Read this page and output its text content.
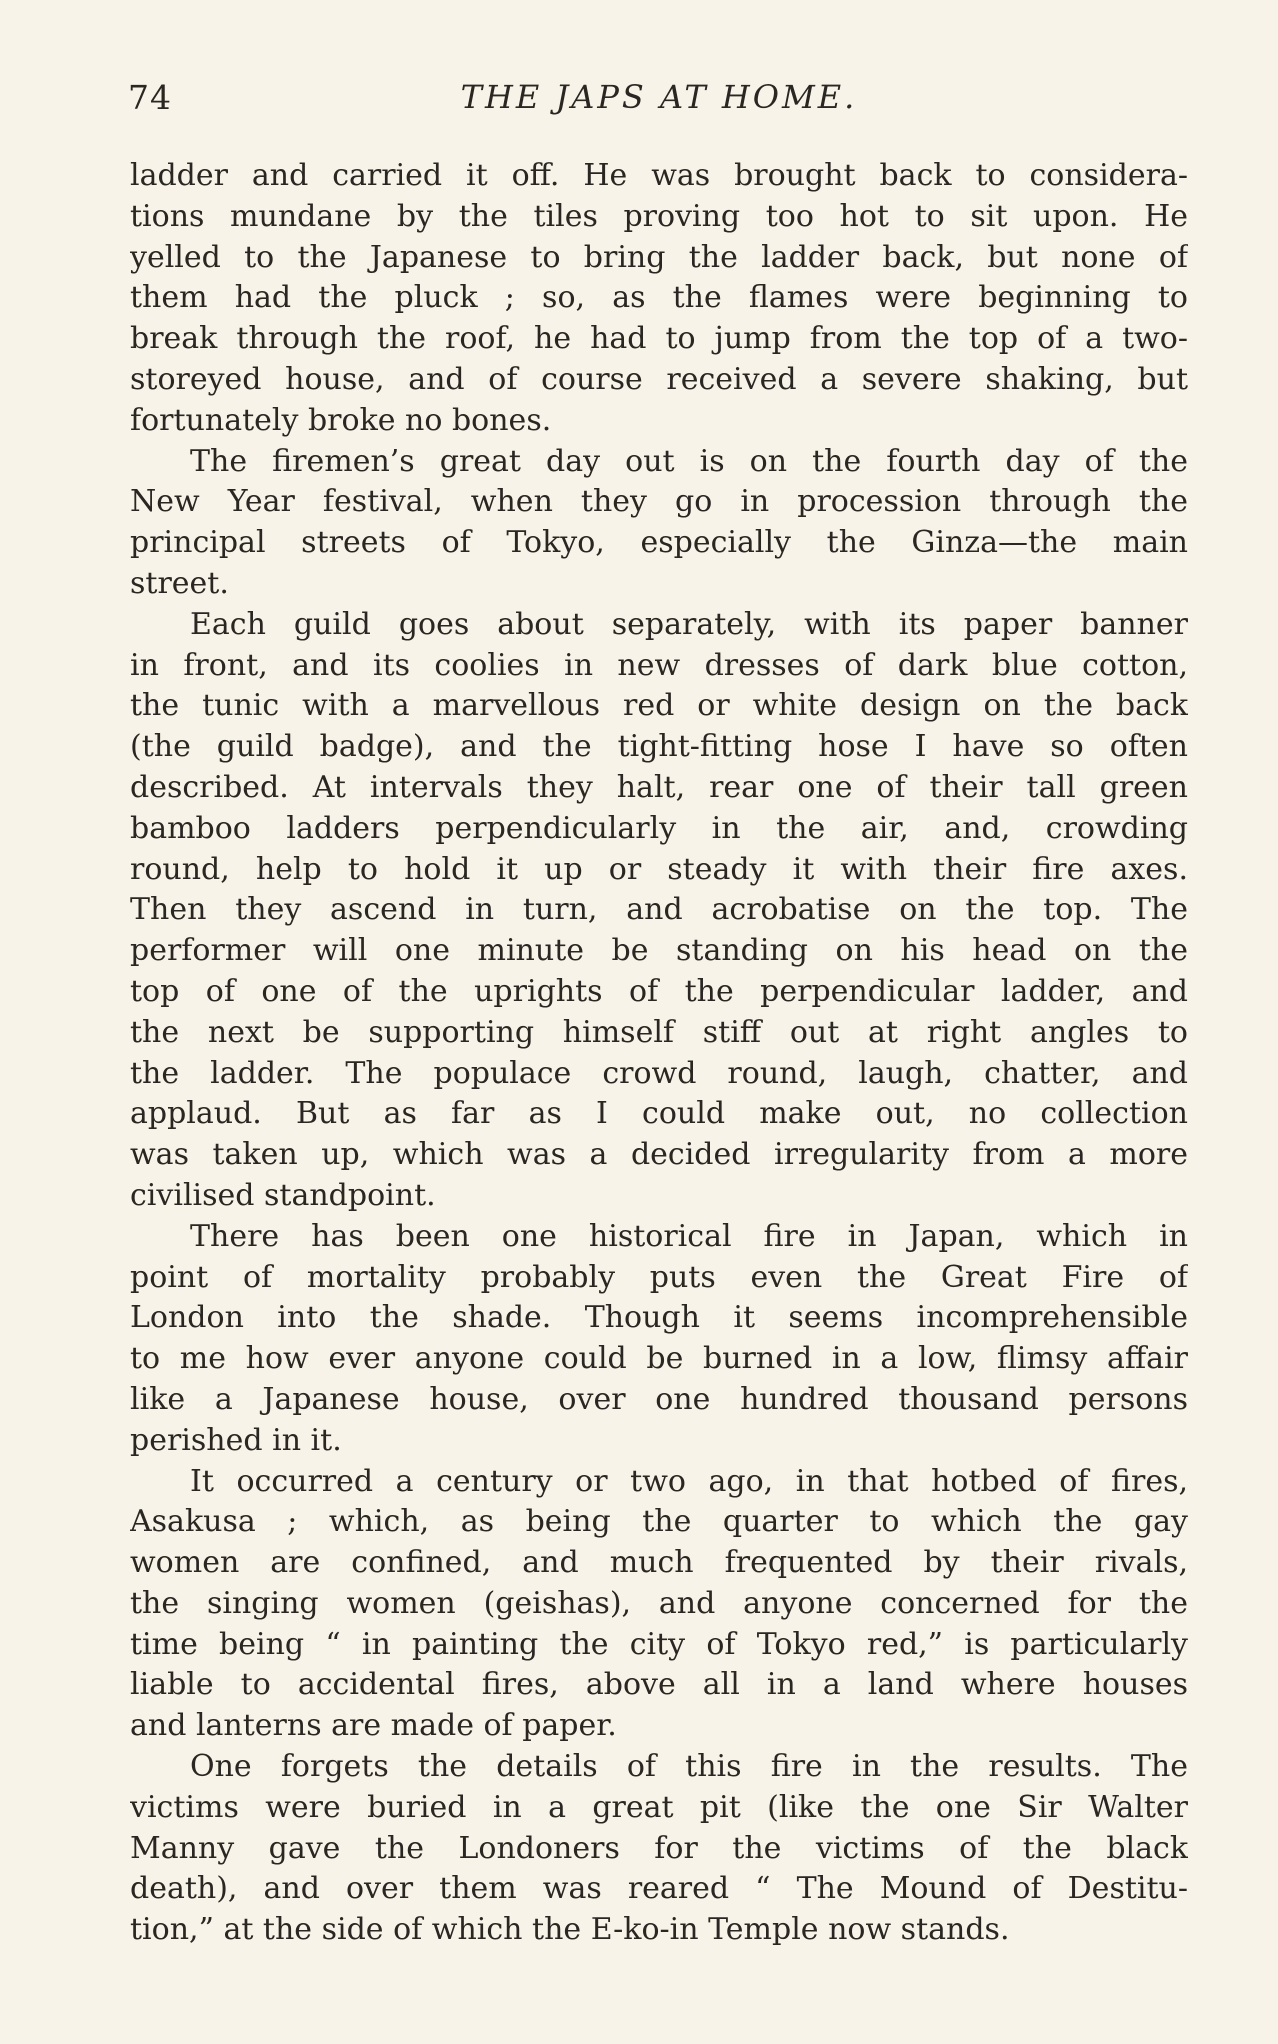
74	THE JAPS AT HOME.
ladder and carried it off. He was brought back to considera-
tions mundane by the tiles proving too hot to sit upon. He
yelled to the Japanese to bring the ladder back, but none of
them had the pluck ; so, as the flames were beginning to
break through the roof, he had to jump from the top of a two-
storeyed house, and of course received a severe shaking, but
fortunately broke no bones.
The firemen’s great day out is on the fourth day of the
New Year festival, when they go in procession through the
principal streets of Tokyo, especially the Ginza—the main
street.
Each guild goes about separately, with its paper banner
in front, and its coolies in new dresses of dark blue cotton,
the tunic with a marvellous red or white design on the back
(the guild badge), and the tight-fitting hose I have so often
described. At intervals they halt, rear one of their tall green
bamboo ladders perpendicularly in the air, and, crowding
round, help to hold it up or steady it with their fire axes.
Then they ascend in turn, and acrobatise on the top. The
performer will one minute be standing on his head on the
top of one of the uprights of the perpendicular ladder, and
the next be supporting himself stiff out at right angles to
the ladder. The populace crowd round, laugh, chatter, and
applaud. But as far as I could make out, no collection
was taken up, which was a decided irregularity from a more
civilised standpoint.
There has been one historical fire in Japan, which in
point of mortality probably puts even the Great Fire of
London into the shade. Though it seems incomprehensible
to me how ever anyone could be burned in a low, flimsy affair
like a Japanese house, over one hundred thousand persons
perished in it.
It occurred a century or two ago, in that hotbed of fires,
Asakusa ; which, as being the quarter to which the gay
women are confined, and much frequented by their rivals,
the singing women (geishas), and anyone concerned for the
time being “ in painting the city of Tokyo red,” is particularly
liable to accidental fires, above all in a land where houses
and lanterns are made of paper.
One forgets the details of this fire in the results. The
victims were buried in a great pit (like the one Sir Walter
Manny gave the Londoners for the victims of the black
death), and over them was reared “ The Mound of Destitu-
tion,” at the side of which the E-ko-in Temple now stands.
